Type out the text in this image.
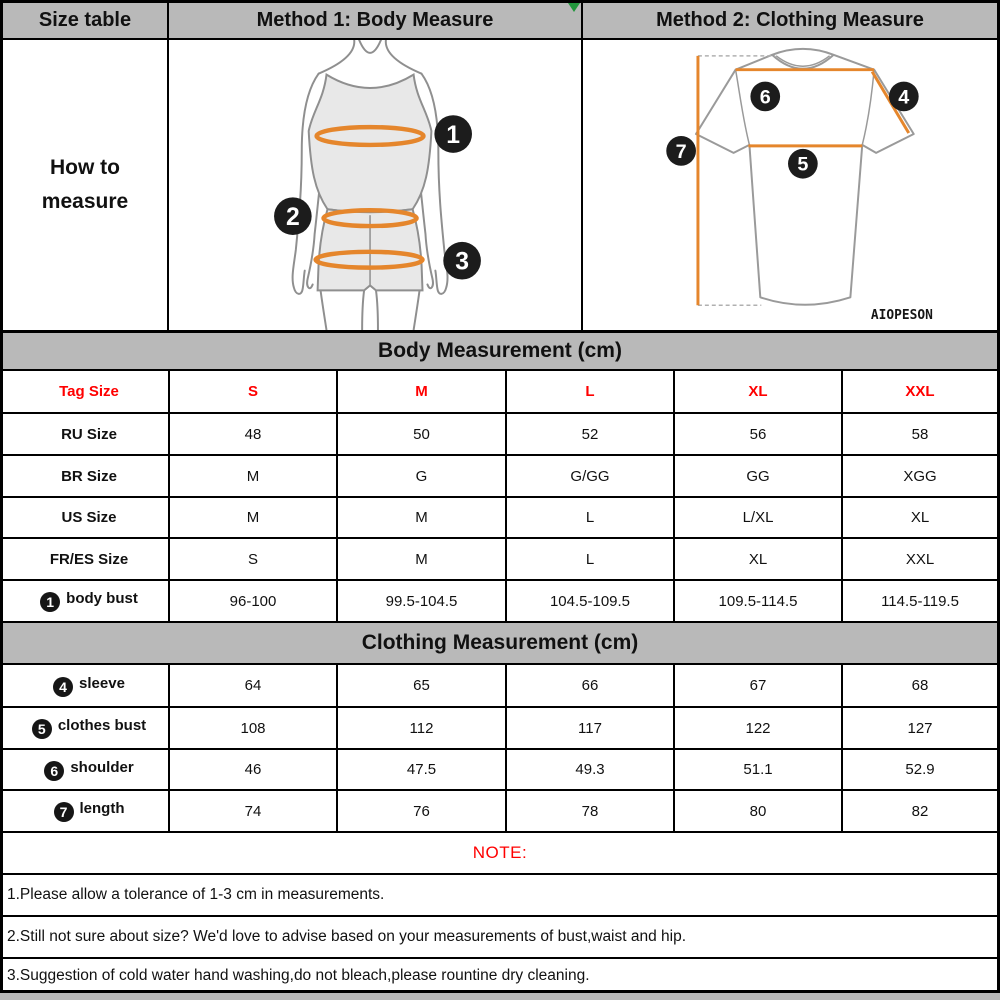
Size table	Method 1: Body Measure	Method 2: Clothing Measure
How to
measure
1
2
3
4
5
6
7
AIOPESON
Body Measurement (cm)
Tag Size	S	M	L	XL	XXL
RU Size	48	50	52	56	58
BR Size	M	G	G/GG	GG	XGG
US Size	M	M	L	L/XL	XL
FR/ES Size	S	M	L	XL	XXL
1 body bust	96-100	99.5-104.5	104.5-109.5	109.5-114.5	114.5-119.5
Clothing Measurement (cm)
4 sleeve	64	65	66	67	68
5 clothes bust	108	112	117	122	127
6 shoulder	46	47.5	49.3	51.1	52.9
7 length	74	76	78	80	82
NOTE:
1.Please allow a tolerance of 1-3 cm in measurements.
2.Still not sure about size? We'd love to advise based on your measurements of bust,waist and hip.
3.Suggestion of cold water hand washing,do not bleach,please rountine dry cleaning.
